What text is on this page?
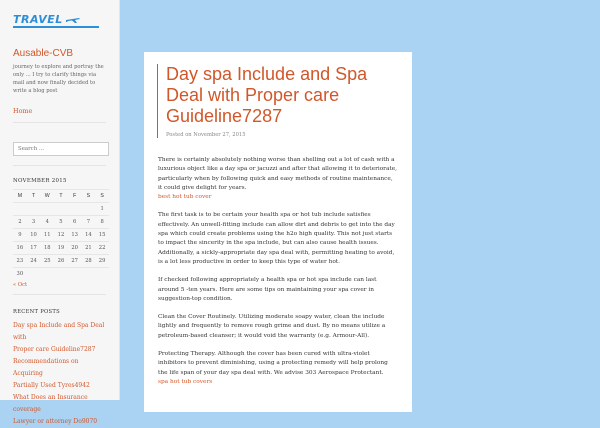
TRAVEL
Ausable-CVB
journey to explore and portray the only ... I try to clarify things via mail and now finally decided to write a blog post
Home
Search ...
NOVEMBER 2015
M	T	W	T	F	S	S
						1
2	3	4	5	6	7	8
9	10	11	12	13	14	15
16	17	18	19	20	21	22
23	24	25	26	27	28	29
30						
« Oct
RECENT POSTS
Day spa Include and Spa Deal with
Proper care Guideline7287
Recommendations on Acquiring
Partially Used Tyres4942
What Does an Insurance coverage
Lawyer or attorney Do9070
Day spa Include and Spa Deal with Proper care Guideline7287
Posted on November 27, 2015

There is certainly absolutely nothing worse than shelling out a lot of cash with a luxurious object like a day spa or jacuzzi and after that allowing it to deteriorate, particularly when by following quick and easy methods of routine maintenance, it could give delight for years.
best hot tub cover

The first task is to be certain your health spa or hot tub include satisfies effectively. An unwell-fitting include can allow dirt and debris to get into the day spa which could create problems using the h2o high quality. This not just starts to impact the sincerity in the spa include, but can also cause health issues. Additionally, a sickly-appropriate day spa deal with, permitting heating to avoid, is a lot less productive in order to keep this type of water hot.

If checked following appropriately a health spa or hot spa include can last around 5 -ten years. Here are some tips on maintaining your spa cover in suggestion-top condition.

Clean the Cover Routinely. Utilizing moderate soapy water, clean the include lightly and frequently to remove rough grime and dust. By no means utilize a petroleum-based cleanser; it would void the warranty (e.g. Armour-All).

Protecting Therapy. Although the cover has been cured with ultra-violet inhibitors to prevent diminishing, using a protecting remedy will help prolong the life span of your day spa deal with. We advise 303 Aerospace Protectant.
spa hot tub covers
